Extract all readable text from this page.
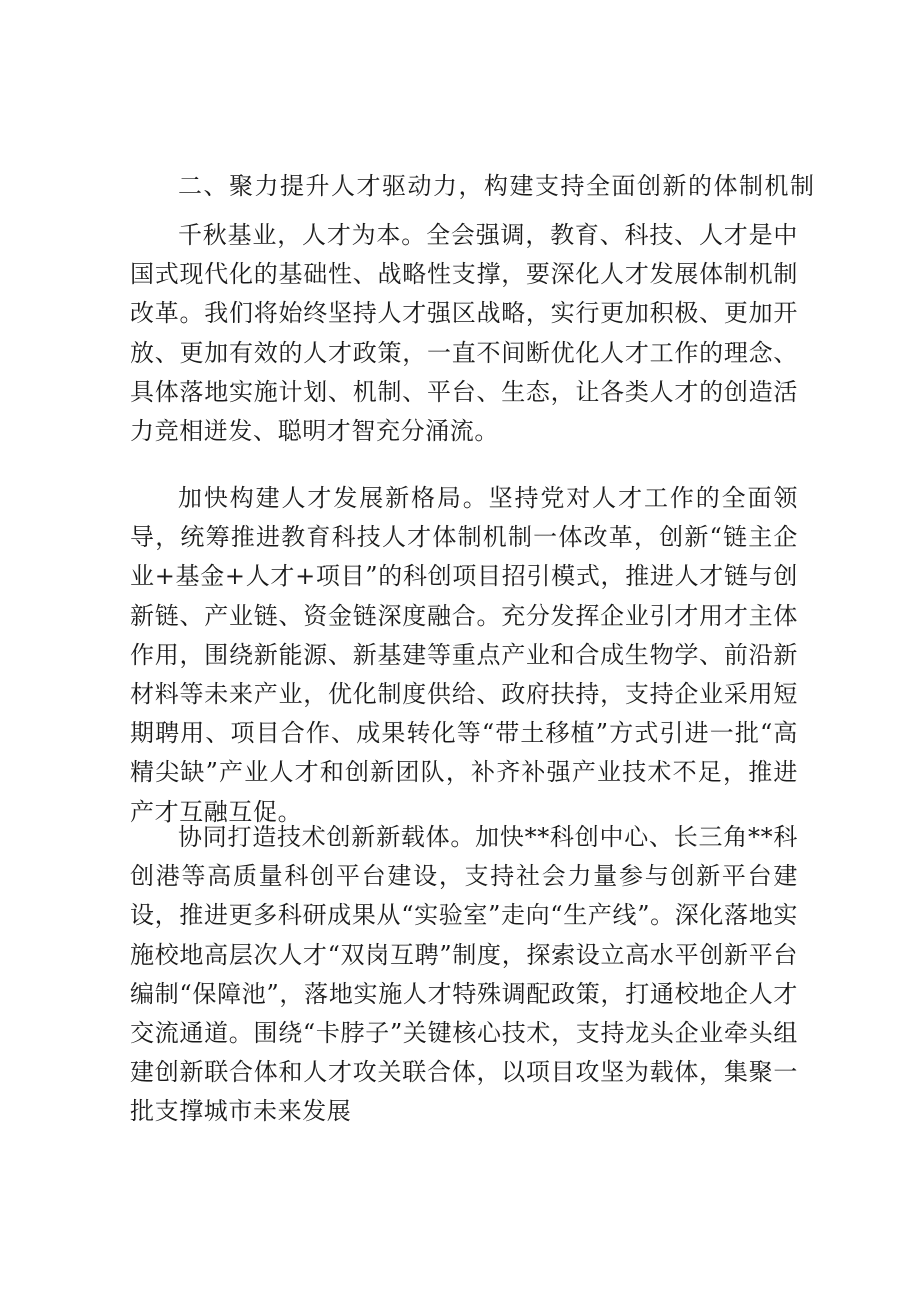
二、聚力提升人才驱动力，构建支持全面创新的体制机制

千秋基业，人才为本。全会强调，教育、科技、人才是中国式现代化的基础性、战略性支撑，要深化人才发展体制机制改革。我们将始终坚持人才强区战略，实行更加积极、更加开放、更加有效的人才政策，一直不间断优化人才工作的理念、具体落地实施计划、机制、平台、生态，让各类人才的创造活力竞相迸发、聪明才智充分涌流。

加快构建人才发展新格局。坚持党对人才工作的全面领导，统筹推进教育科技人才体制机制一体改革，创新“链主企业+基金+人才+项目”的科创项目招引模式，推进人才链与创新链、产业链、资金链深度融合。充分发挥企业引才用才主体作用，围绕新能源、新基建等重点产业和合成生物学、前沿新材料等未来产业，优化制度供给、政府扶持，支持企业采用短期聘用、项目合作、成果转化等“带土移植”方式引进一批“高精尖缺”产业人才和创新团队，补齐补强产业技术不足，推进产才互融互促。

协同打造技术创新新载体。加快**科创中心、长三角**科创港等高质量科创平台建设，支持社会力量参与创新平台建设，推进更多科研成果从“实验室”走向“生产线”。深化落地实施校地高层次人才“双岗互聘”制度，探索设立高水平创新平台编制“保障池”，落地实施人才特殊调配政策，打通校地企人才交流通道。围绕“卡脖子”关键核心技术，支持龙头企业牵头组建创新联合体和人才攻关联合体，以项目攻坚为载体，集聚一批支撑城市未来发展
